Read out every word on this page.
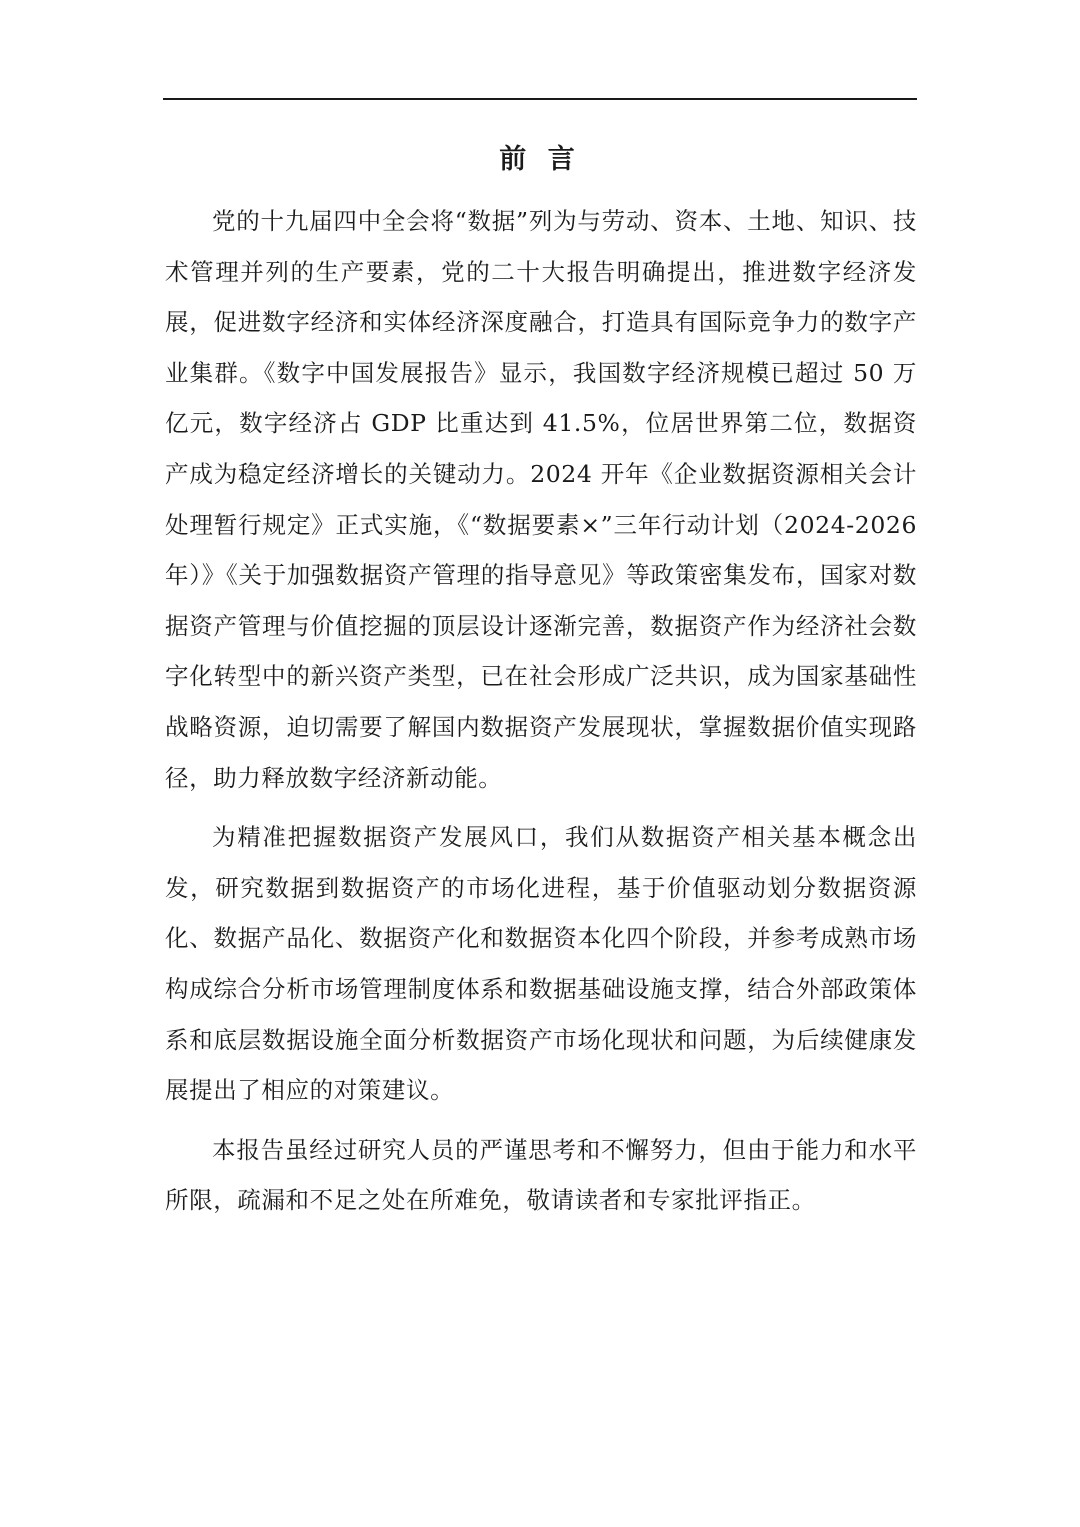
前 言

党的十九届四中全会将“数据”列为与劳动、资本、土地、知识、技术管理并列的生产要素，党的二十大报告明确提出，推进数字经济发展，促进数字经济和实体经济深度融合，打造具有国际竞争力的数字产业集群。《数字中国发展报告》显示，我国数字经济规模已超过 50 万亿元，数字经济占 GDP 比重达到 41.5%，位居世界第二位，数据资产成为稳定经济增长的关键动力。2024 开年《企业数据资源相关会计处理暂行规定》正式实施，《“数据要素×”三年行动计划（2024-2026 年）》《关于加强数据资产管理的指导意见》等政策密集发布，国家对数据资产管理与价值挖掘的顶层设计逐渐完善，数据资产作为经济社会数字化转型中的新兴资产类型，已在社会形成广泛共识，成为国家基础性战略资源，迫切需要了解国内数据资产发展现状，掌握数据价值实现路径，助力释放数字经济新动能。

为精准把握数据资产发展风口，我们从数据资产相关基本概念出发，研究数据到数据资产的市场化进程，基于价值驱动划分数据资源化、数据产品化、数据资产化和数据资本化四个阶段，并参考成熟市场构成综合分析市场管理制度体系和数据基础设施支撑，结合外部政策体系和底层数据设施全面分析数据资产市场化现状和问题，为后续健康发展提出了相应的对策建议。

本报告虽经过研究人员的严谨思考和不懈努力，但由于能力和水平所限，疏漏和不足之处在所难免，敬请读者和专家批评指正。
